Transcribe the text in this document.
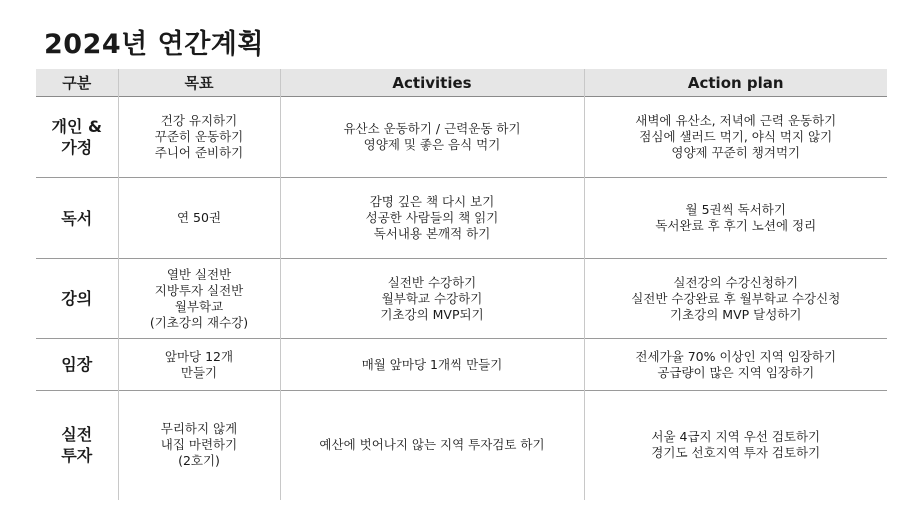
2024년 연간계획
구분	목표	Activities	Action plan

개인 &
가정	건강 유지하기
꾸준히 운동하기
주니어 준비하기	유산소 운동하기 / 근력운동 하기
영양제 및 좋은 음식 먹기	새벽에 유산소, 저녁에 근력 운동하기
점심에 샐러드 먹기, 야식 먹지 않기
영양제 꾸준히 챙겨먹기

독서	연 50권	감명 깊은 책 다시 보기
성공한 사람들의 책 읽기
독서내용 본깨적 하기	월 5권씩 독서하기
독서완료 후 후기 노션에 정리

강의	열반 실전반
지방투자 실전반
월부학교
(기초강의 재수강)	실전반 수강하기
월부학교 수강하기
기초강의 MVP되기	실전강의 수강신청하기
실전반 수강완료 후 월부학교 수강신청
기초강의 MVP 달성하기

임장	앞마당 12개
만들기	매월 앞마당 1개씩 만들기	전세가율 70% 이상인 지역 임장하기
공급량이 많은 지역 임장하기

실전
투자	무리하지 않게
내집 마련하기
(2호기)	예산에 벗어나지 않는 지역 투자검토 하기	서울 4급지 지역 우선 검토하기
경기도 선호지역 투자 검토하기
